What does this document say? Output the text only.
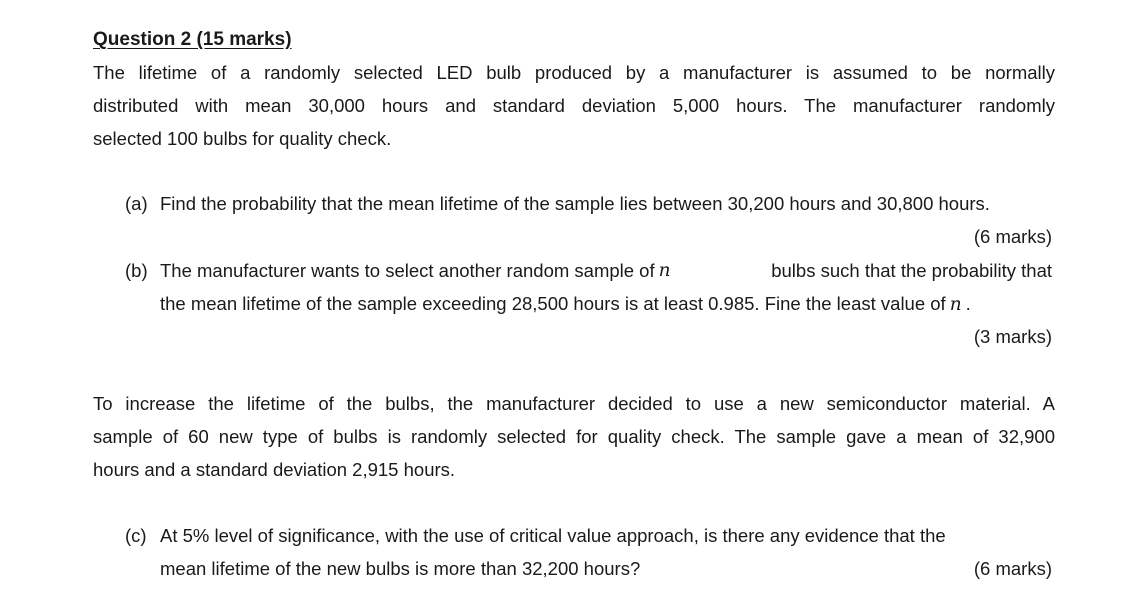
Question 2 (15 marks)
The lifetime of a randomly selected LED bulb produced by a manufacturer is assumed to be normally
distributed with mean 30,000 hours and standard deviation 5,000 hours. The manufacturer randomly
selected 100 bulbs for quality check.
(a) Find the probability that the mean lifetime of the sample lies between 30,200 hours and 30,800 hours.
(6 marks)
(b) The manufacturer wants to select another random sample of n	bulbs such that the probability that
the mean lifetime of the sample exceeding 28,500 hours is at least 0.985. Fine the least value of n .
(3 marks)
To increase the lifetime of the bulbs, the manufacturer decided to use a new semiconductor material. A
sample of 60 new type of bulbs is randomly selected for quality check. The sample gave a mean of 32,900
hours and a standard deviation 2,915 hours.
(c) At 5% level of significance, with the use of critical value approach, is there any evidence that the
mean lifetime of the new bulbs is more than 32,200 hours?	(6 marks)
